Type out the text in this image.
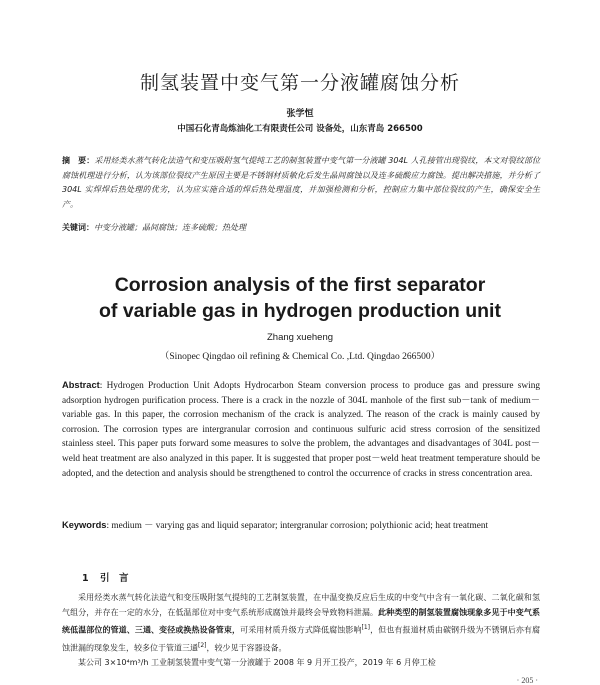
制氢装置中变气第一分液罐腐蚀分析
张学恒
中国石化青岛炼油化工有限责任公司 设备处，山东青岛 266500
摘　要：采用烃类水蒸气转化法造气和变压吸附氢气提纯工艺的制氢装置中变气第一分液罐 304L 人孔接管出现裂纹，本文对裂纹部位腐蚀机理进行分析，认为该部位裂纹产生原因主要是不锈钢材质敏化后发生晶间腐蚀以及连多硫酸应力腐蚀。提出解决措施，并分析了 304L 实焊焊后热处理的优劣，认为应实施合适的焊后热处理温度，并加强检测和分析，控制应力集中部位裂纹的产生，确保安全生产。
关键词：中变分液罐；晶间腐蚀；连多硫酸；热处理
Corrosion analysis of the first separator
of variable gas in hydrogen production unit
Zhang xueheng
（Sinopec Qingdao oil refining & Chemical Co. ,Ltd. Qingdao 266500）
Abstract: Hydrogen Production Unit Adopts Hydrocarbon Steam conversion process to produce gas and pressure swing adsorption hydrogen purification process. There is a crack in the nozzle of 304L manhole of the first sub－tank of medium－variable gas. In this paper, the corrosion mechanism of the crack is analyzed. The reason of the crack is mainly caused by corrosion. The corrosion types are intergranular corrosion and continuous sulfuric acid stress corrosion of the sensitized stainless steel. This paper puts forward some measures to solve the problem, the advantages and disadvantages of 304L post－weld heat treatment are also analyzed in this paper. It is suggested that proper post－weld heat treatment temperature should be adopted, and the detection and analysis should be strengthened to control the occurrence of cracks in stress concentration area.
Keywords: medium － varying gas and liquid separator; intergranular corrosion; polythionic acid; heat treatment
1 引　言
采用烃类水蒸气转化法造气和变压吸附氢气提纯的工艺制氢装置，在中温变换反应后生成的中变气中含有一氧化碳、二氧化碳和氢气组分，并存在一定的水分，在低温部位对中变气系统形成腐蚀并最终会导致物料泄漏。此种类型的制氢装置腐蚀现象多见于中变气系统低温部位的管道、三通、变径或换热设备管束，可采用材质升级方式降低腐蚀影响[1]，但也有报道材质由碳钢升级为不锈钢后亦有腐蚀泄漏的现象发生，较多位于管道三通[2]，较少见于容器设备。
某公司 3×10⁴m³/h 工业制氢装置中变气第一分液罐于 2008 年 9 月开工投产，2019 年 6 月停工检
· 205 ·
